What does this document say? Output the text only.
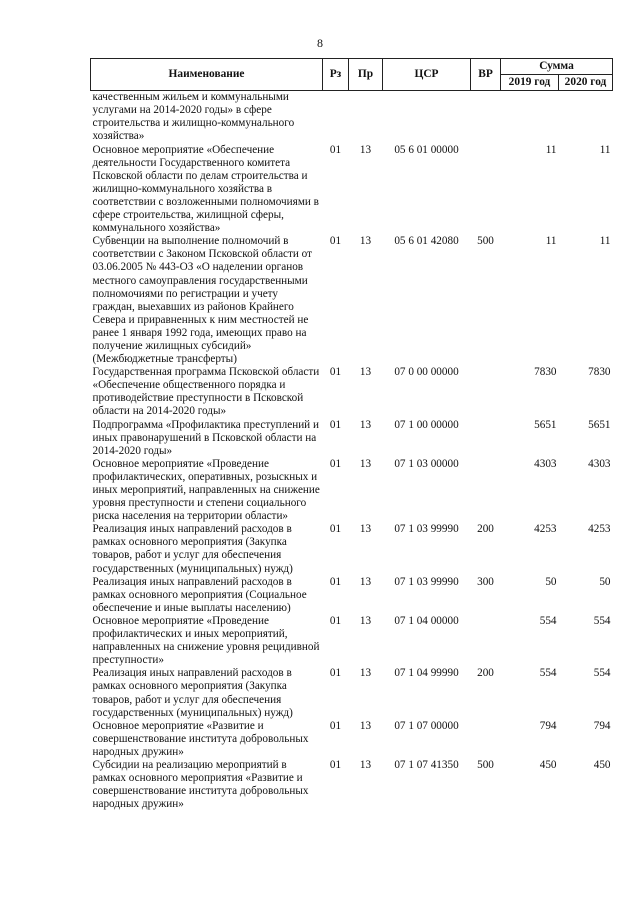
8
Наименование	Рз	Пр	ЦСР	ВР	Сумма	
					2019 год	2020 год
качественным жильем и коммунальными услугами на 2014-2020 годы» в сфере строительства и жилищно-коммунального хозяйства»						
Основное мероприятие «Обеспечение деятельности Государственного комитета Псковской области по делам строительства и жилищно-коммунального хозяйства в соответствии с возложенными полномочиями в сфере строительства, жилищной сферы, коммунального хозяйства»	01	13	05 6 01 00000		11	11
Субвенции на выполнение полномочий в соответствии с Законом Псковской области от 03.06.2005 № 443-ОЗ «О наделении органов местного самоуправления государственными полномочиями по регистрации и учету граждан, выехавших из районов Крайнего Севера и приравненных к ним местностей не ранее 1 января 1992 года, имеющих право на получение жилищных субсидий» (Межбюджетные трансферты)	01	13	05 6 01 42080	500	11	11
Государственная программа Псковской области «Обеспечение общественного порядка и противодействие преступности в Псковской области на 2014-2020 годы»	01	13	07 0 00 00000		7830	7830
Подпрограмма «Профилактика преступлений и иных правонарушений в Псковской области на 2014-2020 годы»	01	13	07 1 00 00000		5651	5651
Основное мероприятие «Проведение профилактических, оперативных, розыскных и иных мероприятий, направленных на снижение уровня преступности и степени социального риска населения на территории области»	01	13	07 1 03 00000		4303	4303
Реализация иных направлений расходов в рамках основного мероприятия (Закупка товаров, работ и услуг для обеспечения государственных (муниципальных) нужд)	01	13	07 1 03 99990	200	4253	4253
Реализация иных направлений расходов в рамках основного мероприятия (Социальное обеспечение и иные выплаты населению)	01	13	07 1 03 99990	300	50	50
Основное мероприятие «Проведение профилактических и иных мероприятий, направленных на снижение уровня рецидивной преступности»	01	13	07 1 04 00000		554	554
Реализация иных направлений расходов в рамках основного мероприятия (Закупка товаров, работ и услуг для обеспечения государственных (муниципальных) нужд)	01	13	07 1 04 99990	200	554	554
Основное мероприятие «Развитие и совершенствование института добровольных народных дружин»	01	13	07 1 07 00000		794	794
Субсидии на реализацию мероприятий в рамках основного мероприятия «Развитие и совершенствование института добровольных народных дружин»	01	13	07 1 07 41350	500	450	450
